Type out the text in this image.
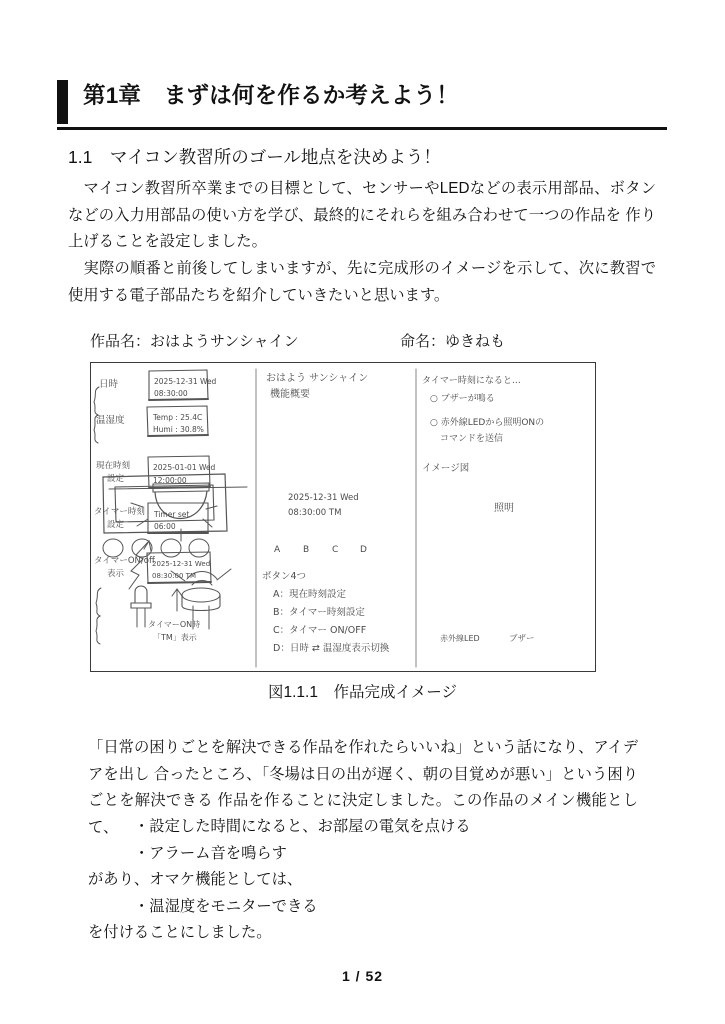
第1章　まずは何を作るか考えよう！
1.1　マイコン教習所のゴール地点を決めよう！
　マイコン教習所卒業までの目標として、センサーやLEDなどの表示用部品、ボタン などの入力用部品の使い方を学び、最終的にそれらを組み合わせて一つの作品を 作り上げることを設定しました。
　実際の順番と前後してしまいますが、先に完成形のイメージを示して、次に教習で 使用する電子部品たちを紹介していきたいと思います。
作品名：おはようサンシャイン	命名：ゆきねも
日時
温湿度
現在時刻
設定
タイマー時刻
設定
タイマーON/off
表示
2025-12-31 Wed
08:30:00
Temp : 25.4C
Humi : 30.8%
2025-01-01 Wed
12:00:00
Timer set
06:00
2025-12-31 Wed
08:30:00 TM
タイマーON時
「TM」表示
おはよう サンシャイン
機能概要
2025-12-31 Wed
08:30:00 TM
A	B	C D
ボタン4つ
A：現在時刻設定
B：タイマー時刻設定
C：タイマー ON/OFF
D：日時 ⇄ 温湿度表示切換
タイマー時刻になると…
○ ブザーが鳴る
○ 赤外線LEDから照明ONの
コマンドを送信
イメージ図
照明
赤外線LED	ブザー
図1.1.1　作品完成イメージ
「日常の困りごとを解決できる作品を作れたらいいね」という話になり、アイデアを出し 合ったところ、「冬場は日の出が遅く、朝の目覚めが悪い」という困りごとを解決できる 作品を作ることに決定しました。この作品のメイン機能として、	・設定した時間になると、お部屋の電気を点ける
・アラーム音を鳴らす
があり、オマケ機能としては、
・温湿度をモニターできる
を付けることにしました。
1 / 52
